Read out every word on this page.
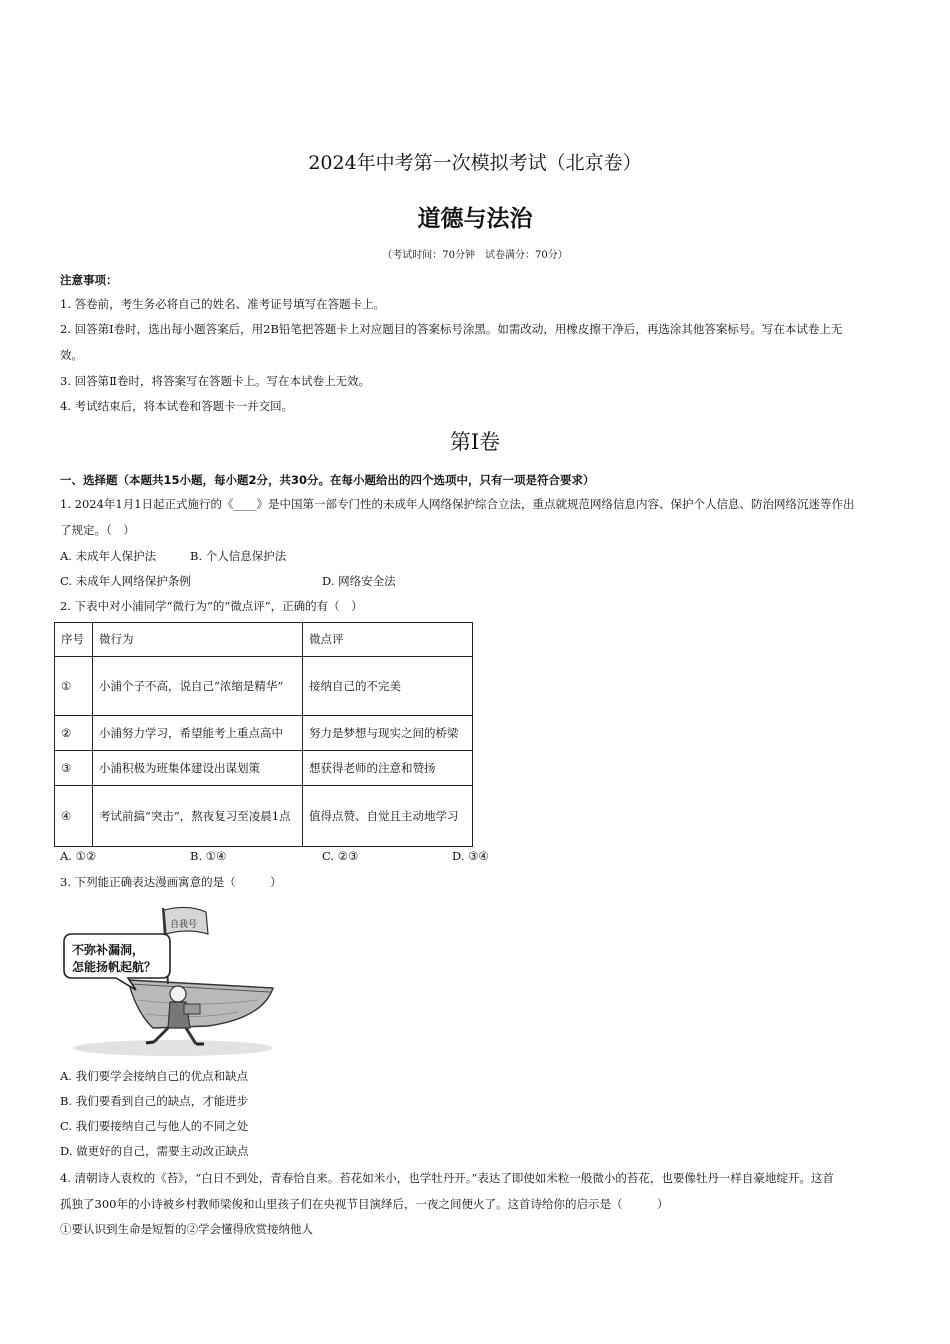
2024年中考第一次模拟考试（北京卷）
道德与法治
（考试时间：70分钟　试卷满分：70分）
注意事项：
1. 答卷前，考生务必将自己的姓名、准考证号填写在答题卡上。
2. 回答第Ⅰ卷时，选出每小题答案后，用2B铅笔把答题卡上对应题目的答案标号涂黑。如需改动，用橡皮擦干净后，再选涂其他答案标号。写在本试卷上无
效。
3. 回答第Ⅱ卷时，将答案写在答题卡上。写在本试卷上无效。
4. 考试结束后，将本试卷和答题卡一并交回。
第Ⅰ卷
一、选择题（本题共15小题，每小题2分，共30分。在每小题给出的四个选项中，只有一项是符合要求）
1. 2024年1月1日起正式施行的《____》是中国第一部专门性的未成年人网络保护综合立法，重点就规范网络信息内容、保护个人信息、防治网络沉迷等作出
了规定。（　）
A. 未成年人保护法	B. 个人信息保护法
C. 未成年人网络保护条例	D. 网络安全法
2. 下表中对小浦同学“微行为”的“微点评”，正确的有（　）
序号	微行为	微点评
①	小浦个子不高，说自己“浓缩是精华”	接纳自己的不完美
②	小浦努力学习，希望能考上重点高中	努力是梦想与现实之间的桥梁
③	小浦积极为班集体建设出谋划策	想获得老师的注意和赞扬
④	考试前搞“突击”，熬夜复习至凌晨1点	值得点赞、自觉且主动地学习
A. ①②	B. ①④	C. ②③	D. ③④
3. 下列能正确表达漫画寓意的是（　　　）
自我号
不弥补漏洞，
怎能扬帆起航？
A. 我们要学会接纳自己的优点和缺点
B. 我们要看到自己的缺点，才能进步
C. 我们要接纳自己与他人的不同之处
D. 做更好的自己，需要主动改正缺点
4. 清朝诗人袁枚的《苔》，“白日不到处，青春恰自来。苔花如米小，也学牡丹开。”表达了即使如米粒一般微小的苔花，也要像牡丹一样自豪地绽开。这首
孤独了300年的小诗被乡村教师梁俊和山里孩子们在央视节目演绎后，一夜之间便火了。这首诗给你的启示是（　　　）
①要认识到生命是短暂的②学会懂得欣赏接纳他人
